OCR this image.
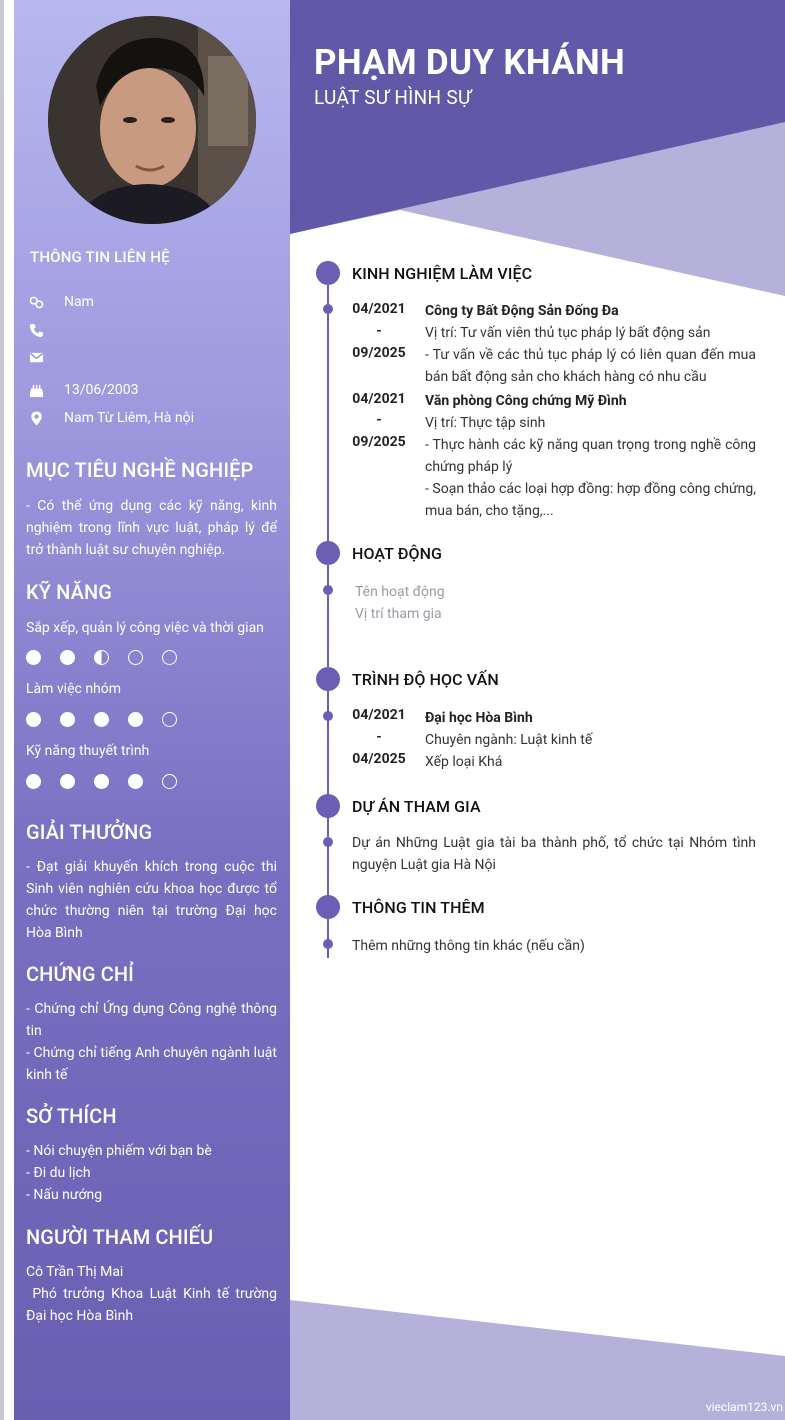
PHẠM DUY KHÁNH
LUẬT SƯ HÌNH SỰ
THÔNG TIN LIÊN HỆ
Nam
13/06/2003
Nam Từ Liêm, Hà nội
MỤC TIÊU NGHỀ NGHIỆP
- Có thể ứng dụng các kỹ năng, kinh nghiệm trong lĩnh vực luật, pháp lý để trở thành luật sư chuyên nghiệp.
KỸ NĂNG
Sắp xếp, quản lý công việc và thời gian
Làm việc nhóm
Kỹ năng thuyết trình
GIẢI THƯỞNG
- Đạt giải khuyến khích trong cuộc thi Sinh viên nghiên cứu khoa học được tổ chức thường niên tại trường Đại học Hòa Bình
CHỨNG CHỈ
- Chứng chỉ Ứng dụng Công nghệ thông tin
- Chứng chỉ tiếng Anh chuyên ngành luật kinh tế
SỞ THÍCH
- Nói chuyện phiếm với bạn bè
- Đi du lịch
- Nấu nướng
NGƯỜI THAM CHIẾU
Cô Trần Thị Mai
Phó trưởng Khoa Luật Kinh tế trường Đại học Hòa Bình
KINH NGHIỆM LÀM VIỆC
04/2021
-
09/2025
Công ty Bất Động Sản Đống Đa
Vị trí: Tư vấn viên thủ tục pháp lý bất động sản
- Tư vấn về các thủ tục pháp lý có liên quan đến mua bán bất động sản cho khách hàng có nhu cầu
04/2021
-
09/2025
Văn phòng Công chứng Mỹ Đình
Vị trí: Thực tập sinh
- Thực hành các kỹ năng quan trọng trong nghề công chứng pháp lý
- Soạn thảo các loại hợp đồng: hợp đồng công chứng, mua bán, cho tặng,...
HOẠT ĐỘNG
Tên hoạt động
Vị trí tham gia
TRÌNH ĐỘ HỌC VẤN
04/2021
-
04/2025
Đại học Hòa Bình
Chuyên ngành: Luật kinh tế
Xếp loại Khá
DỰ ÁN THAM GIA
Dự án Những Luật gia tài ba thành phố, tổ chức tại Nhóm tình nguyện Luật gia Hà Nội
THÔNG TIN THÊM
Thêm những thông tin khác (nếu cần)
vieclam123.vn
